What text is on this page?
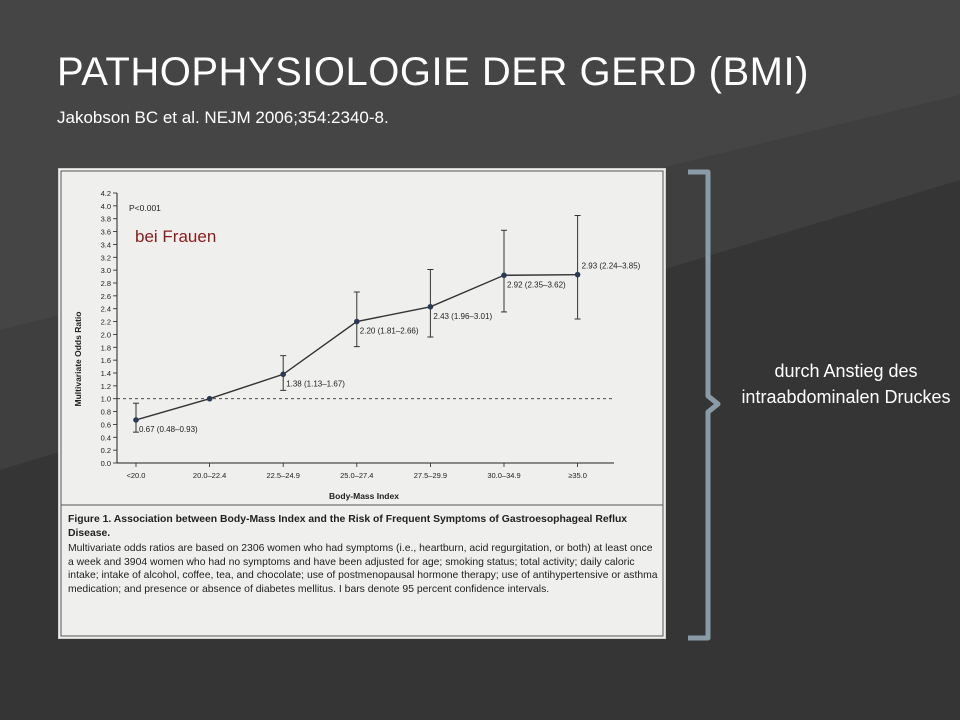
PATHOPHYSIOLOGIE DER GERD (BMI)
Jakobson BC et al. NEJM 2006;354:2340-8.
0.0
0.2
0.4
0.6
0.8
1.0
1.2
1.4
1.6
1.8
2.0
2.2
2.4
2.6
2.8
3.0
3.2
3.4
3.6
3.8
4.0
4.2
<20.0	20.0–22.4	22.5–24.9	25.0–27.4	27.5–29.9	30.0–34.9	≥35.0
0.67 (0.48–0.93)
1.38 (1.13–1.67)
2.20 (1.81–2.66)
2.43 (1.96–3.01)
2.92 (2.35–3.62)
2.93 (2.24–3.85)
P<0.001
bei Frauen
Multivariate Odds Ratio
Body-Mass Index
Figure 1. Association between Body-Mass Index and the Risk of Frequent Symptoms of Gastroesophageal Reflux Disease.
Multivariate odds ratios are based on 2306 women who had symptoms (i.e., heartburn, acid regurgitation, or both) at least once a week and 3904 women who had no symptoms and have been adjusted for age; smoking status; total activity; daily caloric intake; intake of alcohol, coffee, tea, and chocolate; use of postmenopausal hormone therapy; use of antihypertensive or asthma medication; and presence or absence of diabetes mellitus. I bars denote 95 percent confidence intervals.
durch Anstieg des intraabdominalen Druckes
